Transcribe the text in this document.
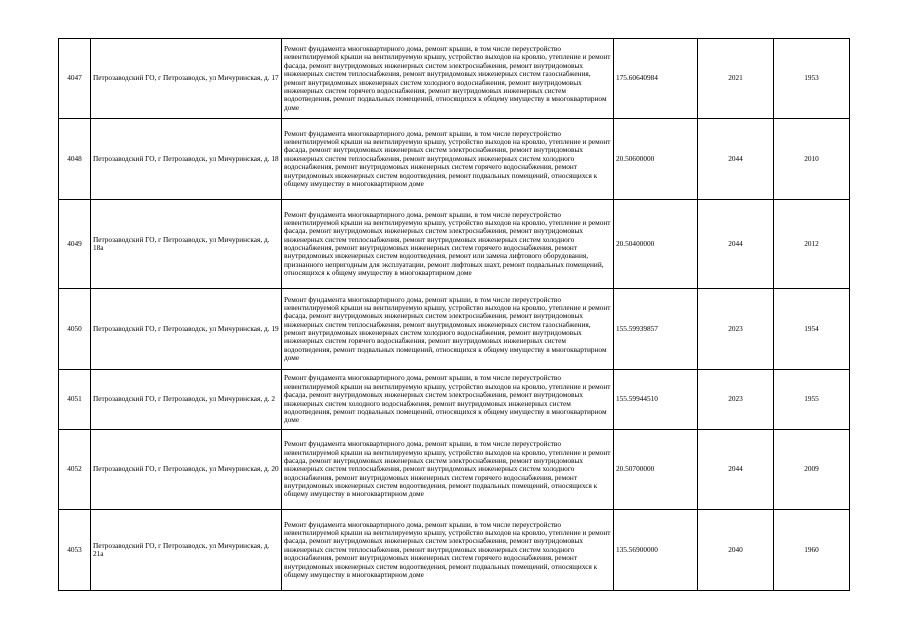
4047	Петрозаводский ГО, г Петрозаводск, ул Мичуринская, д. 17	Ремонт фундамента многоквартирного дома, ремонт крыши, в том числе переустройство невентилируемой крыши на вентилируемую крышу, устройство выходов на кровлю, утепление и ремонт фасада, ремонт внутридомовых инженерных систем электроснабжения, ремонт внутридомовых инженерных систем теплоснабжения, ремонт внутридомовых инженерных систем газоснабжения, ремонт внутридомовых инженерных систем холодного водоснабжения, ремонт внутридомовых инженерных систем горячего водоснабжения, ремонт внутридомовых инженерных систем водоотведения, ремонт подвальных помещений, относящихся к общему имуществу в многоквартирном доме	175.60640984	2021	1953
4048	Петрозаводский ГО, г Петрозаводск, ул Мичуринская, д. 18	Ремонт фундамента многоквартирного дома, ремонт крыши, в том числе переустройство невентилируемой крыши на вентилируемую крышу, устройство выходов на кровлю, утепление и ремонт фасада, ремонт внутридомовых инженерных систем электроснабжения, ремонт внутридомовых инженерных систем теплоснабжения, ремонт внутридомовых инженерных систем холодного водоснабжения, ремонт внутридомовых инженерных систем горячего водоснабжения, ремонт внутридомовых инженерных систем водоотведения, ремонт подвальных помещений, относящихся к общему имуществу в многоквартирном доме	20.50600000	2044	2010
4049	Петрозаводский ГО, г Петрозаводск, ул Мичуринская, д. 18а	Ремонт фундамента многоквартирного дома, ремонт крыши, в том числе переустройство невентилируемой крыши на вентилируемую крышу, устройство выходов на кровлю, утепление и ремонт фасада, ремонт внутридомовых инженерных систем электроснабжения, ремонт внутридомовых инженерных систем теплоснабжения, ремонт внутридомовых инженерных систем холодного водоснабжения, ремонт внутридомовых инженерных систем горячего водоснабжения, ремонт внутридомовых инженерных систем водоотведения, ремонт или замена лифтового оборудования, признанного непригодным для эксплуатации, ремонт лифтовых шахт, ремонт подвальных помещений, относящихся к общему имуществу в многоквартирном доме	20.50400000	2044	2012
4050	Петрозаводский ГО, г Петрозаводск, ул Мичуринская, д. 19	Ремонт фундамента многоквартирного дома, ремонт крыши, в том числе переустройство невентилируемой крыши на вентилируемую крышу, устройство выходов на кровлю, утепление и ремонт фасада, ремонт внутридомовых инженерных систем электроснабжения, ремонт внутридомовых инженерных систем теплоснабжения, ремонт внутридомовых инженерных систем газоснабжения, ремонт внутридомовых инженерных систем холодного водоснабжения, ремонт внутридомовых инженерных систем горячего водоснабжения, ремонт внутридомовых инженерных систем водоотведения, ремонт подвальных помещений, относящихся к общему имуществу в многоквартирном доме	155.59939857	2023	1954
4051	Петрозаводский ГО, г Петрозаводск, ул Мичуринская, д. 2	Ремонт фундамента многоквартирного дома, ремонт крыши, в том числе переустройство невентилируемой крыши на вентилируемую крышу, устройство выходов на кровлю, утепление и ремонт фасада, ремонт внутридомовых инженерных систем электроснабжения, ремонт внутридомовых инженерных систем холодного водоснабжения, ремонт внутридомовых инженерных систем водоотведения, ремонт подвальных помещений, относящихся к общему имуществу в многоквартирном доме	155.59944510	2023	1955
4052	Петрозаводский ГО, г Петрозаводск, ул Мичуринская, д. 20	Ремонт фундамента многоквартирного дома, ремонт крыши, в том числе переустройство невентилируемой крыши на вентилируемую крышу, устройство выходов на кровлю, утепление и ремонт фасада, ремонт внутридомовых инженерных систем электроснабжения, ремонт внутридомовых инженерных систем теплоснабжения, ремонт внутридомовых инженерных систем холодного водоснабжения, ремонт внутридомовых инженерных систем горячего водоснабжения, ремонт внутридомовых инженерных систем водоотведения, ремонт подвальных помещений, относящихся к общему имуществу в многоквартирном доме	20.50700000	2044	2009
4053	Петрозаводский ГО, г Петрозаводск, ул Мичуринская, д. 21а	Ремонт фундамента многоквартирного дома, ремонт крыши, в том числе переустройство невентилируемой крыши на вентилируемую крышу, устройство выходов на кровлю, утепление и ремонт фасада, ремонт внутридомовых инженерных систем электроснабжения, ремонт внутридомовых инженерных систем теплоснабжения, ремонт внутридомовых инженерных систем холодного водоснабжения, ремонт внутридомовых инженерных систем горячего водоснабжения, ремонт внутридомовых инженерных систем водоотведения, ремонт подвальных помещений, относящихся к общему имуществу в многоквартирном доме	135.56900000	2040	1960
